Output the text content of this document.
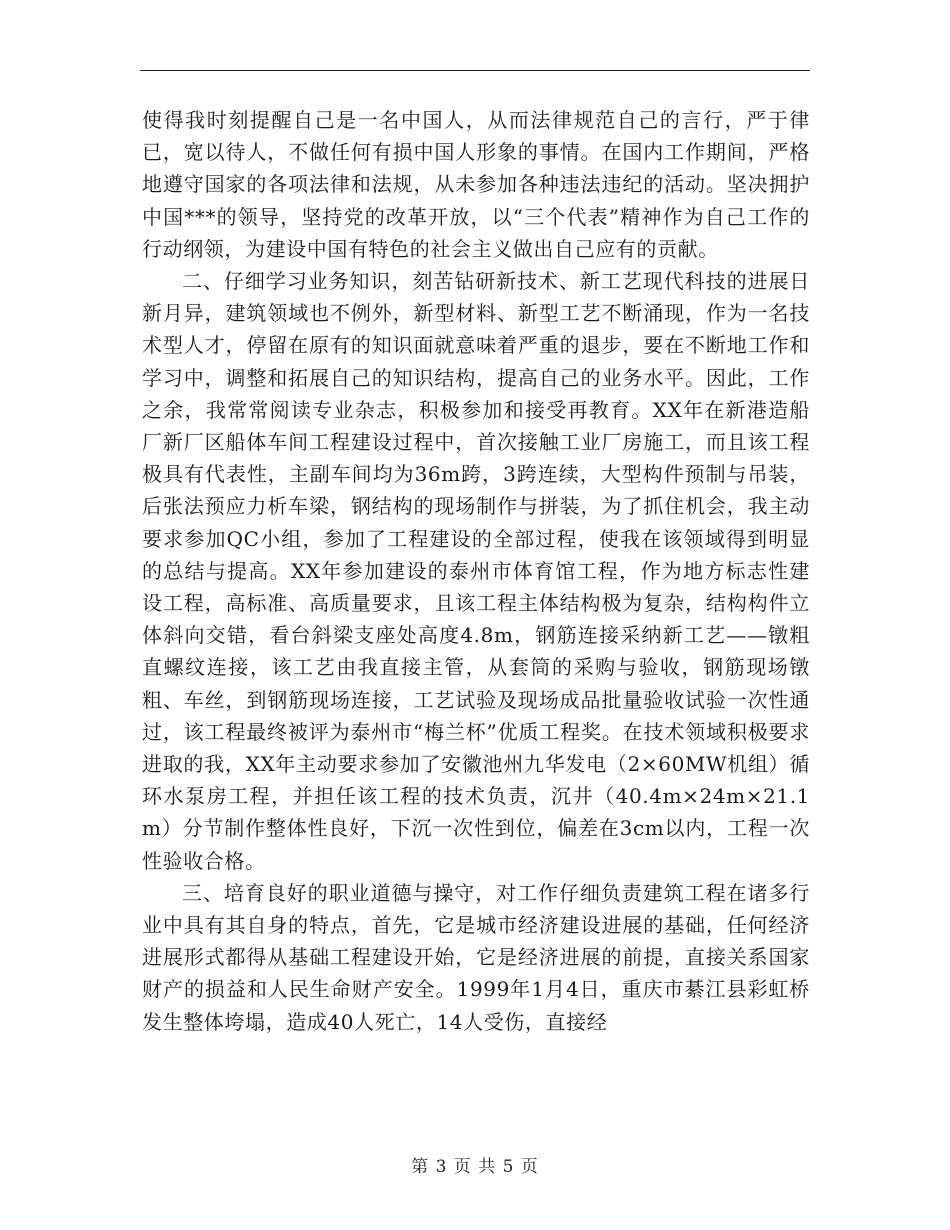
使得我时刻提醒自己是一名中国人，从而法律规范自己的言行，严于律已，宽以待人，不做任何有损中国人形象的事情。在国内工作期间，严格地遵守国家的各项法律和法规，从未参加各种违法违纪的活动。坚决拥护中国***的领导，坚持党的改革开放，以“三个代表”精神作为自己工作的行动纲领，为建设中国有特色的社会主义做出自己应有的贡献。

二、仔细学习业务知识，刻苦钻研新技术、新工艺现代科技的进展日新月异，建筑领域也不例外，新型材料、新型工艺不断涌现，作为一名技术型人才，停留在原有的知识面就意味着严重的退步，要在不断地工作和学习中，调整和拓展自己的知识结构，提高自己的业务水平。因此，工作之余，我常常阅读专业杂志，积极参加和接受再教育。XX年在新港造船厂新厂区船体车间工程建设过程中，首次接触工业厂房施工，而且该工程极具有代表性，主副车间均为36m跨，3跨连续，大型构件预制与吊装，后张法预应力析车梁，钢结构的现场制作与拼装，为了抓住机会，我主动要求参加QC小组，参加了工程建设的全部过程，使我在该领域得到明显的总结与提高。XX年参加建设的泰州市体育馆工程，作为地方标志性建设工程，高标准、高质量要求，且该工程主体结构极为复杂，结构构件立体斜向交错，看台斜梁支座处高度4.8m，钢筋连接采纳新工艺——镦粗直螺纹连接，该工艺由我直接主管，从套筒的采购与验收，钢筋现场镦粗、车丝，到钢筋现场连接，工艺试验及现场成品批量验收试验一次性通过，该工程最终被评为泰州市“梅兰杯”优质工程奖。在技术领域积极要求进取的我，XX年主动要求参加了安徽池州九华发电（2×60MW机组）循环水泵房工程，并担任该工程的技术负责，沉井（40.4m×24m×21.1m）分节制作整体性良好，下沉一次性到位，偏差在3cm以内，工程一次性验收合格。

三、培育良好的职业道德与操守，对工作仔细负责建筑工程在诸多行业中具有其自身的特点，首先，它是城市经济建设进展的基础，任何经济进展形式都得从基础工程建设开始，它是经济进展的前提，直接关系国家财产的损益和人民生命财产安全。1999年1月4日，重庆市綦江县彩虹桥发生整体垮塌，造成40人死亡，14人受伤，直接经

第 3 页 共 5 页
